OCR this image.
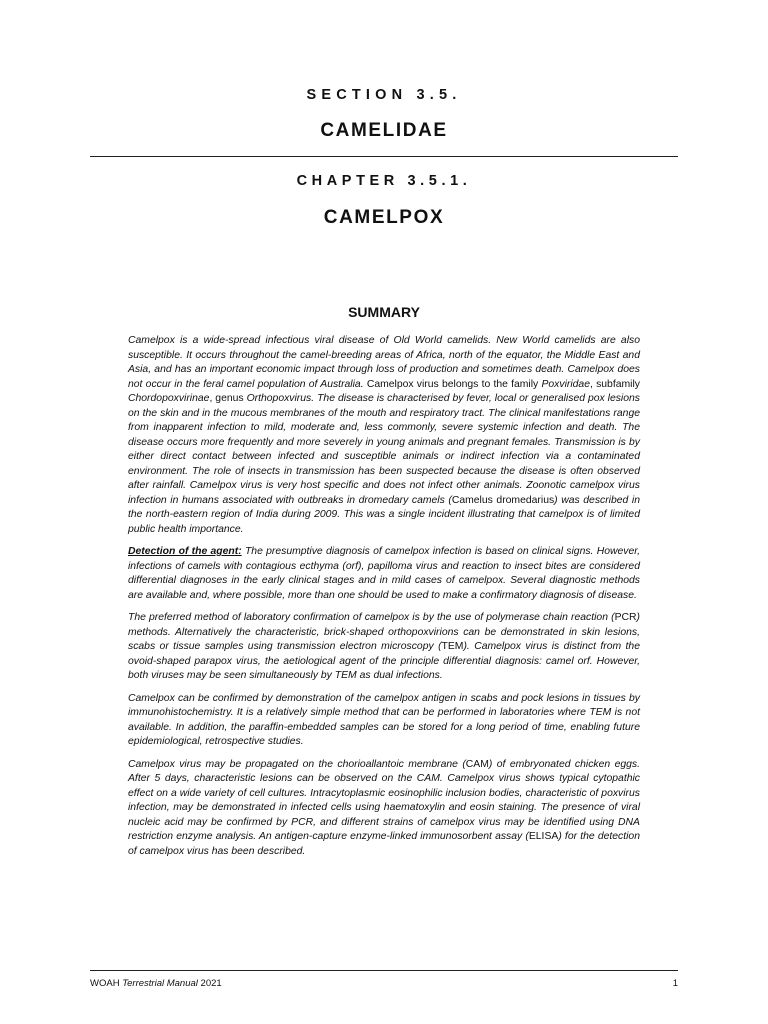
SECTION 3.5.
CAMELIDAE
CHAPTER 3.5.1.
CAMELPOX
SUMMARY

Camelpox is a wide-spread infectious viral disease of Old World camelids. New World camelids are also susceptible. It occurs throughout the camel-breeding areas of Africa, north of the equator, the Middle East and Asia, and has an important economic impact through loss of production and sometimes death. Camelpox does not occur in the feral camel population of Australia. Camelpox virus belongs to the family Poxviridae, subfamily Chordopoxvirinae, genus Orthopoxvirus. The disease is characterised by fever, local or generalised pox lesions on the skin and in the mucous membranes of the mouth and respiratory tract. The clinical manifestations range from inapparent infection to mild, moderate and, less commonly, severe systemic infection and death. The disease occurs more frequently and more severely in young animals and pregnant females. Transmission is by either direct contact between infected and susceptible animals or indirect infection via a contaminated environment. The role of insects in transmission has been suspected because the disease is often observed after rainfall. Camelpox virus is very host specific and does not infect other animals. Zoonotic camelpox virus infection in humans associated with outbreaks in dromedary camels (Camelus dromedarius) was described in the north-eastern region of India during 2009. This was a single incident illustrating that camelpox is of limited public health importance.

Detection of the agent: The presumptive diagnosis of camelpox infection is based on clinical signs. However, infections of camels with contagious ecthyma (orf), papilloma virus and reaction to insect bites are considered differential diagnoses in the early clinical stages and in mild cases of camelpox. Several diagnostic methods are available and, where possible, more than one should be used to make a confirmatory diagnosis of disease.

The preferred method of laboratory confirmation of camelpox is by the use of polymerase chain reaction (PCR) methods. Alternatively the characteristic, brick-shaped orthopoxvirions can be demonstrated in skin lesions, scabs or tissue samples using transmission electron microscopy (TEM). Camelpox virus is distinct from the ovoid-shaped parapox virus, the aetiological agent of the principle differential diagnosis: camel orf. However, both viruses may be seen simultaneously by TEM as dual infections.

Camelpox can be confirmed by demonstration of the camelpox antigen in scabs and pock lesions in tissues by immunohistochemistry. It is a relatively simple method that can be performed in laboratories where TEM is not available. In addition, the paraffin-embedded samples can be stored for a long period of time, enabling future epidemiological, retrospective studies.

Camelpox virus may be propagated on the chorioallantoic membrane (CAM) of embryonated chicken eggs. After 5 days, characteristic lesions can be observed on the CAM. Camelpox virus shows typical cytopathic effect on a wide variety of cell cultures. Intracytoplasmic eosinophilic inclusion bodies, characteristic of poxvirus infection, may be demonstrated in infected cells using haematoxylin and eosin staining. The presence of viral nucleic acid may be confirmed by PCR, and different strains of camelpox virus may be identified using DNA restriction enzyme analysis. An antigen-capture enzyme-linked immunosorbent assay (ELISA) for the detection of camelpox virus has been described.

WOAH Terrestrial Manual 2021	1
